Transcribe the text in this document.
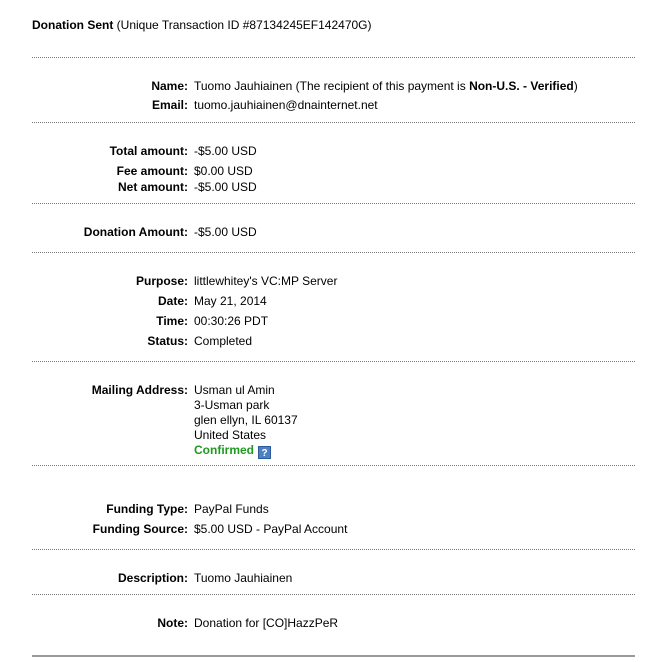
Donation Sent (Unique Transaction ID #87134245EF142470G)
Name: Tuomo Jauhiainen (The recipient of this payment is Non-U.S. - Verified)
Email: tuomo.jauhiainen@dnainternet.net
Total amount: -$5.00 USD
Fee amount: $0.00 USD
Net amount: -$5.00 USD
Donation Amount: -$5.00 USD
Purpose: littlewhitey's VC:MP Server
Date: May 21, 2014
Time: 00:30:26 PDT
Status: Completed
Mailing Address: Usman ul Amin
3-Usman park
glen ellyn, IL 60137
United States
Confirmed ?
Funding Type: PayPal Funds
Funding Source: $5.00 USD - PayPal Account
Description: Tuomo Jauhiainen
Note: Donation for [CO]HazzPeR
